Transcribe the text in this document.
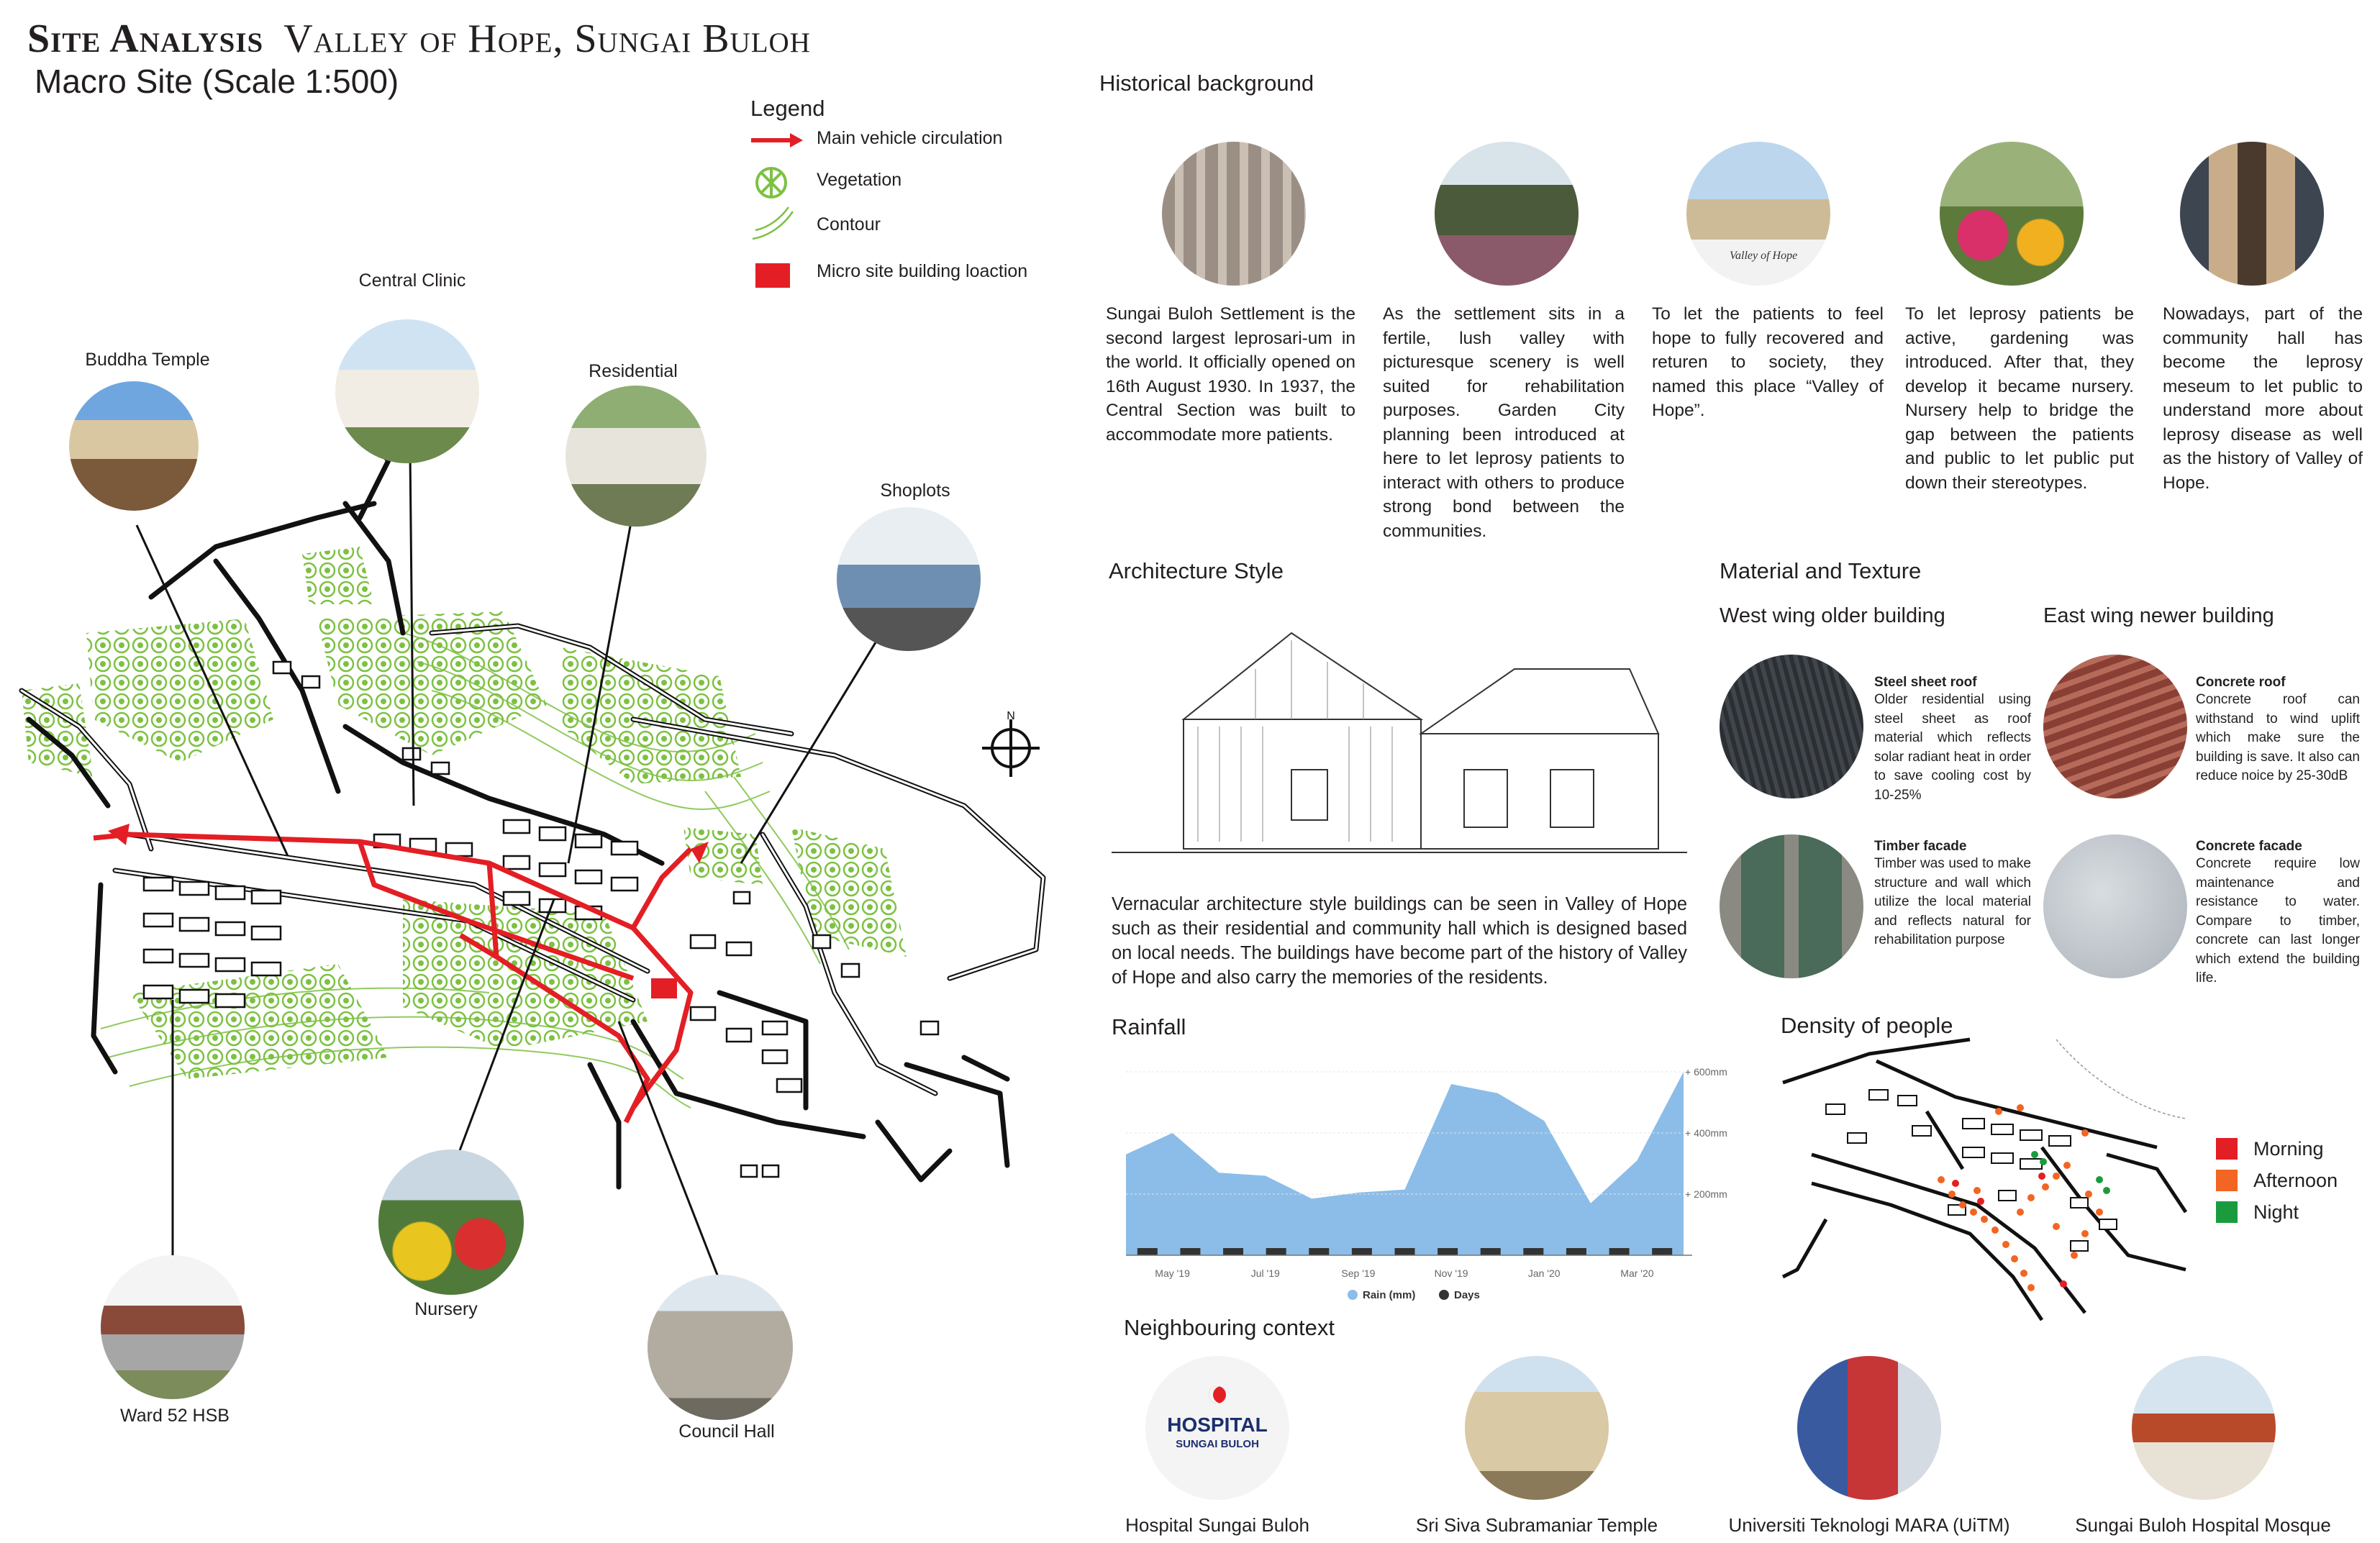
Site Analysis Valley of Hope, Sungai Buloh
Macro Site (Scale 1:500)
N
Buddha Temple
Central Clinic
Residential
Shoplots
Ward 52 HSB
Nursery
Council Hall
Legend
Main vehicle circulation
Vegetation
Contour
Micro site building loaction
Historical background
Valley of Hope
Sungai Buloh Settlement is the second largest leprosari-um in the world. It officially opened on 16th August 1930. In 1937, the Central Section was built to accommodate more patients.
As the settlement sits in a fertile, lush valley with picturesque scenery is well suited for rehabilitation purposes. Garden City planning been introduced at here to let leprosy patients to interact with others to produce strong bond between the communities.
To let the patients to feel hope to fully recovered and returen to society, they named this place “Valley of Hope”.
To let leprosy patients be active, gardening was introduced. After that, they develop it became nursery. Nursery help to bridge the gap between the patients and public to let public put down their stereotypes.
Nowadays, part of the community hall has become the leprosy meseum to let public to understand more about leprosy disease as well as the history of Valley of Hope.
Architecture Style
Vernacular architecture style buildings can be seen in Valley of Hope such as their residential and community hall which is designed based on local needs. The buildings have become part of the history of Valley of Hope and also carry the memories of the residents.
Material and Texture
West wing older building	East wing newer building
Steel sheet roof
Older residential using steel sheet as roof material which reflects solar radiant heat in order to save cooling cost by 10-25%
Timber facade
Timber was used to make structure and wall which utilize the local material and reflects natural for rehabilitation purpose
Concrete roof
Concrete roof can withstand to wind uplift which make sure the building is save. It also can reduce noice by 25-30dB
Concrete facade
Concrete require low maintenance and resistance to water. Compare to timber, concrete can last longer which extend the building life.
Rainfall
+ 200mm
+ 400mm
+ 600mm
May '19	Jul '19	Sep '19	Nov '19	Jan '20	Mar '20
Rain (mm)	Days
Density of people
Morning
Afternoon
Night
Neighbouring context
HOSPITAL
SUNGAI BULOH
Hospital Sungai Buloh	Sri Siva Subramaniar Temple	Universiti Teknologi MARA (UiTM)	Sungai Buloh Hospital Mosque
